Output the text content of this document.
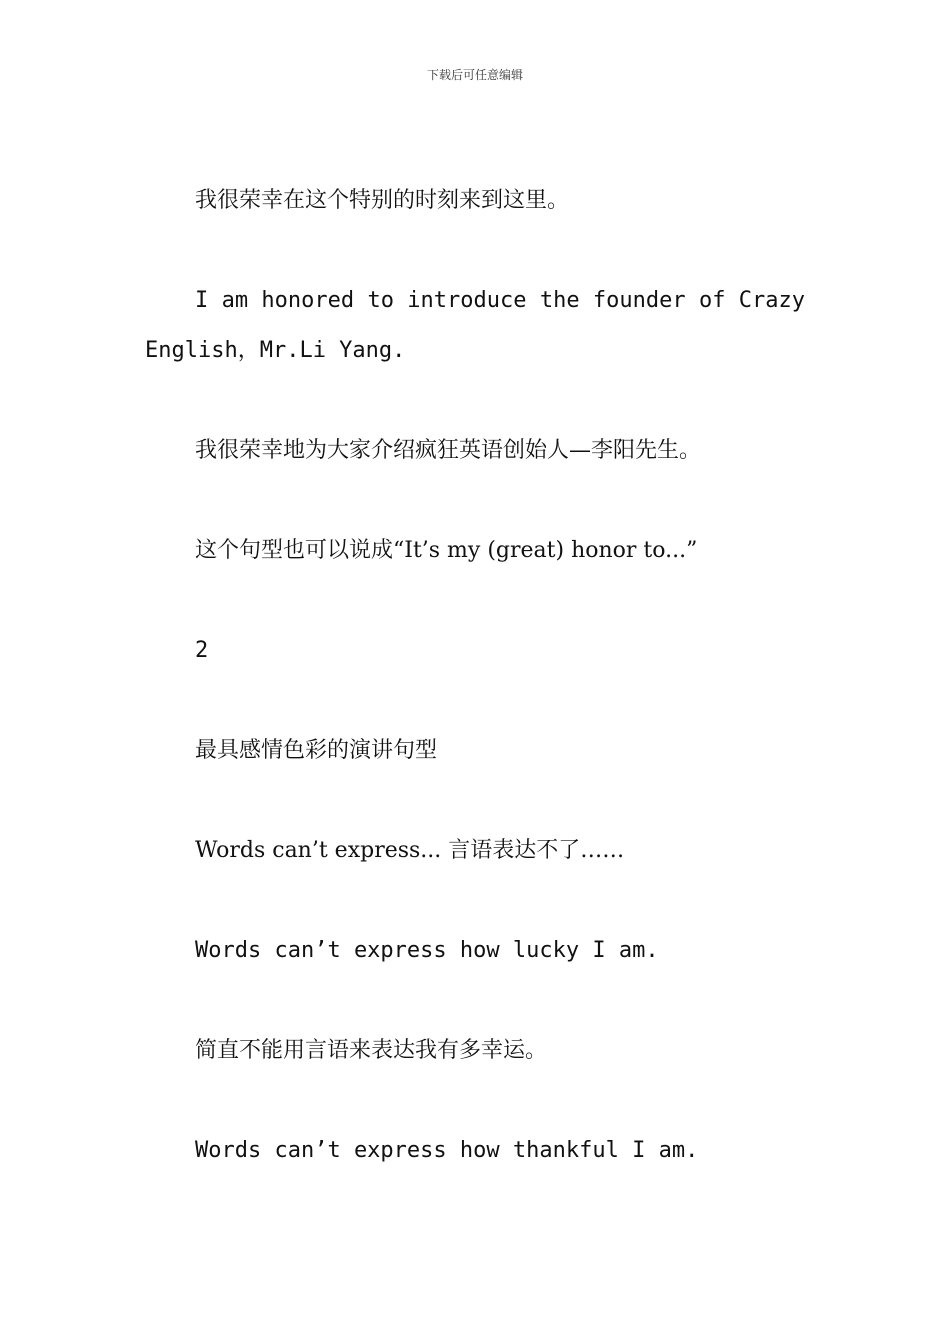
下载后可任意编辑

我很荣幸在这个特别的时刻来到这里。

I am honored to introduce the founder of Crazy English，Mr.Li Yang.

我很荣幸地为大家介绍疯狂英语创始人—李阳先生。

这个句型也可以说成“It’s my (great) honor to...”

2

最具感情色彩的演讲句型

Words can’t express... 言语表达不了……

Words can’t express how lucky I am.

简直不能用言语来表达我有多幸运。

Words can’t express how thankful I am.
